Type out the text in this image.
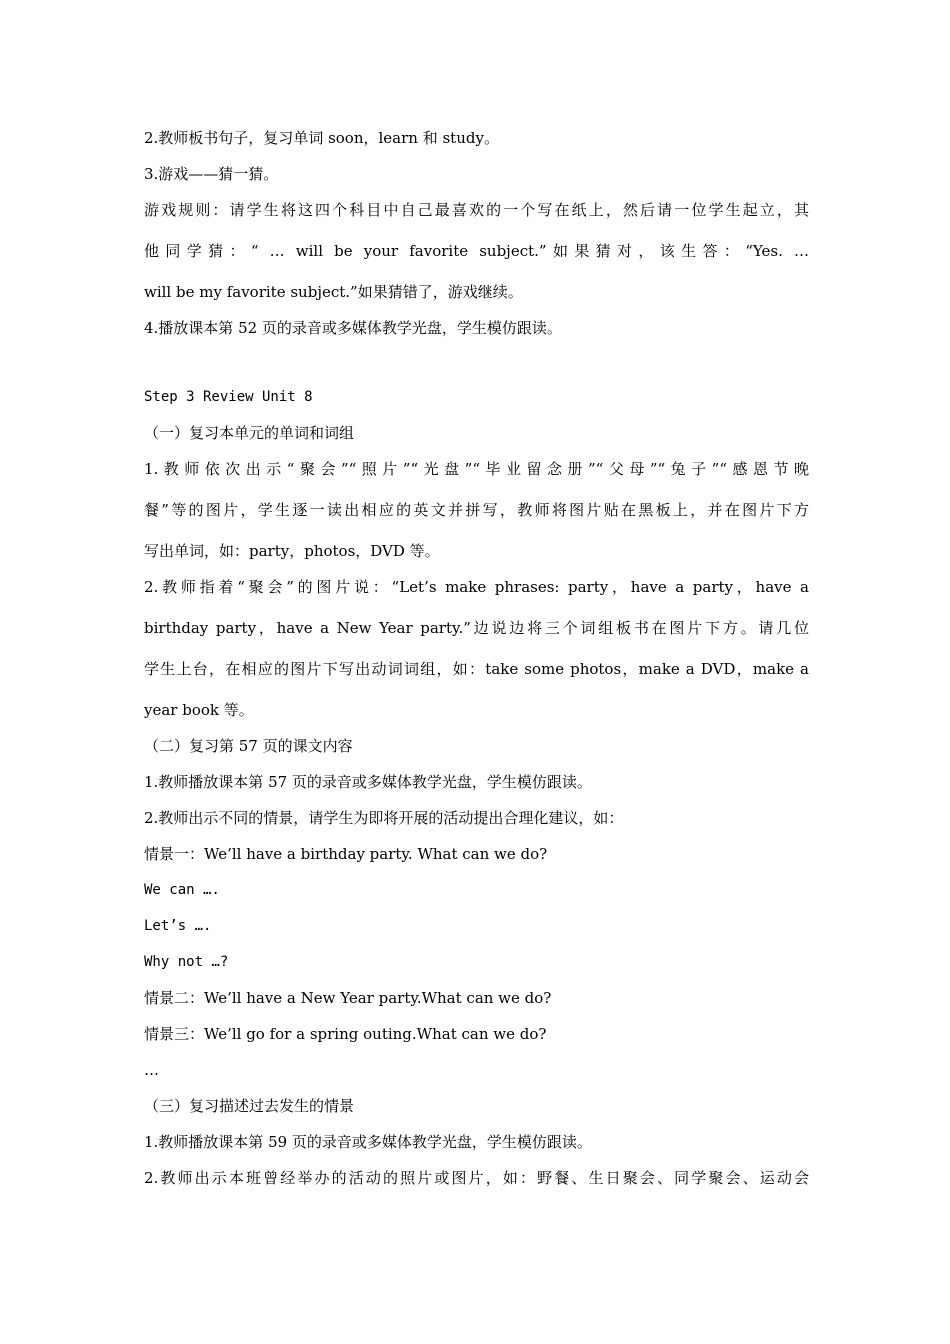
2.教师板书句子，复习单词 soon，learn 和 study。
3.游戏——猜一猜。
游戏规则：请学生将这四个科目中自己最喜欢的一个写在纸上，然后请一位学生起立，其
他同学猜：“ … will be your favorite subject.”如果猜对，该生答：“Yes. …
will be my favorite subject.”如果猜错了，游戏继续。
4.播放课本第 52 页的录音或多媒体教学光盘，学生模仿跟读。
Step 3 Review Unit 8
（一）复习本单元的单词和词组
1.教师依次出示“聚会”“照片”“光盘”“毕业留念册”“父母”“兔子”“感恩节晚
餐”等的图片，学生逐一读出相应的英文并拼写，教师将图片贴在黑板上，并在图片下方
写出单词，如：party，photos，DVD 等。
2.教师指着“聚会”的图片说：“Let’s make phrases: party，have a party，have a
birthday party，have a New Year party.”边说边将三个词组板书在图片下方。请几位
学生上台，在相应的图片下写出动词词组，如：take some photos，make a DVD，make a
year book 等。
（二）复习第 57 页的课文内容
1.教师播放课本第 57 页的录音或多媒体教学光盘，学生模仿跟读。
2.教师出示不同的情景，请学生为即将开展的活动提出合理化建议，如：
情景一：We’ll have a birthday party. What can we do?
We can ….
Let’s ….
Why not …?
情景二：We’ll have a New Year party.What can we do?
情景三：We’ll go for a spring outing.What can we do?
…
（三）复习描述过去发生的情景
1.教师播放课本第 59 页的录音或多媒体教学光盘，学生模仿跟读。
2.教师出示本班曾经举办的活动的照片或图片，如：野餐、生日聚会、同学聚会、运动会
